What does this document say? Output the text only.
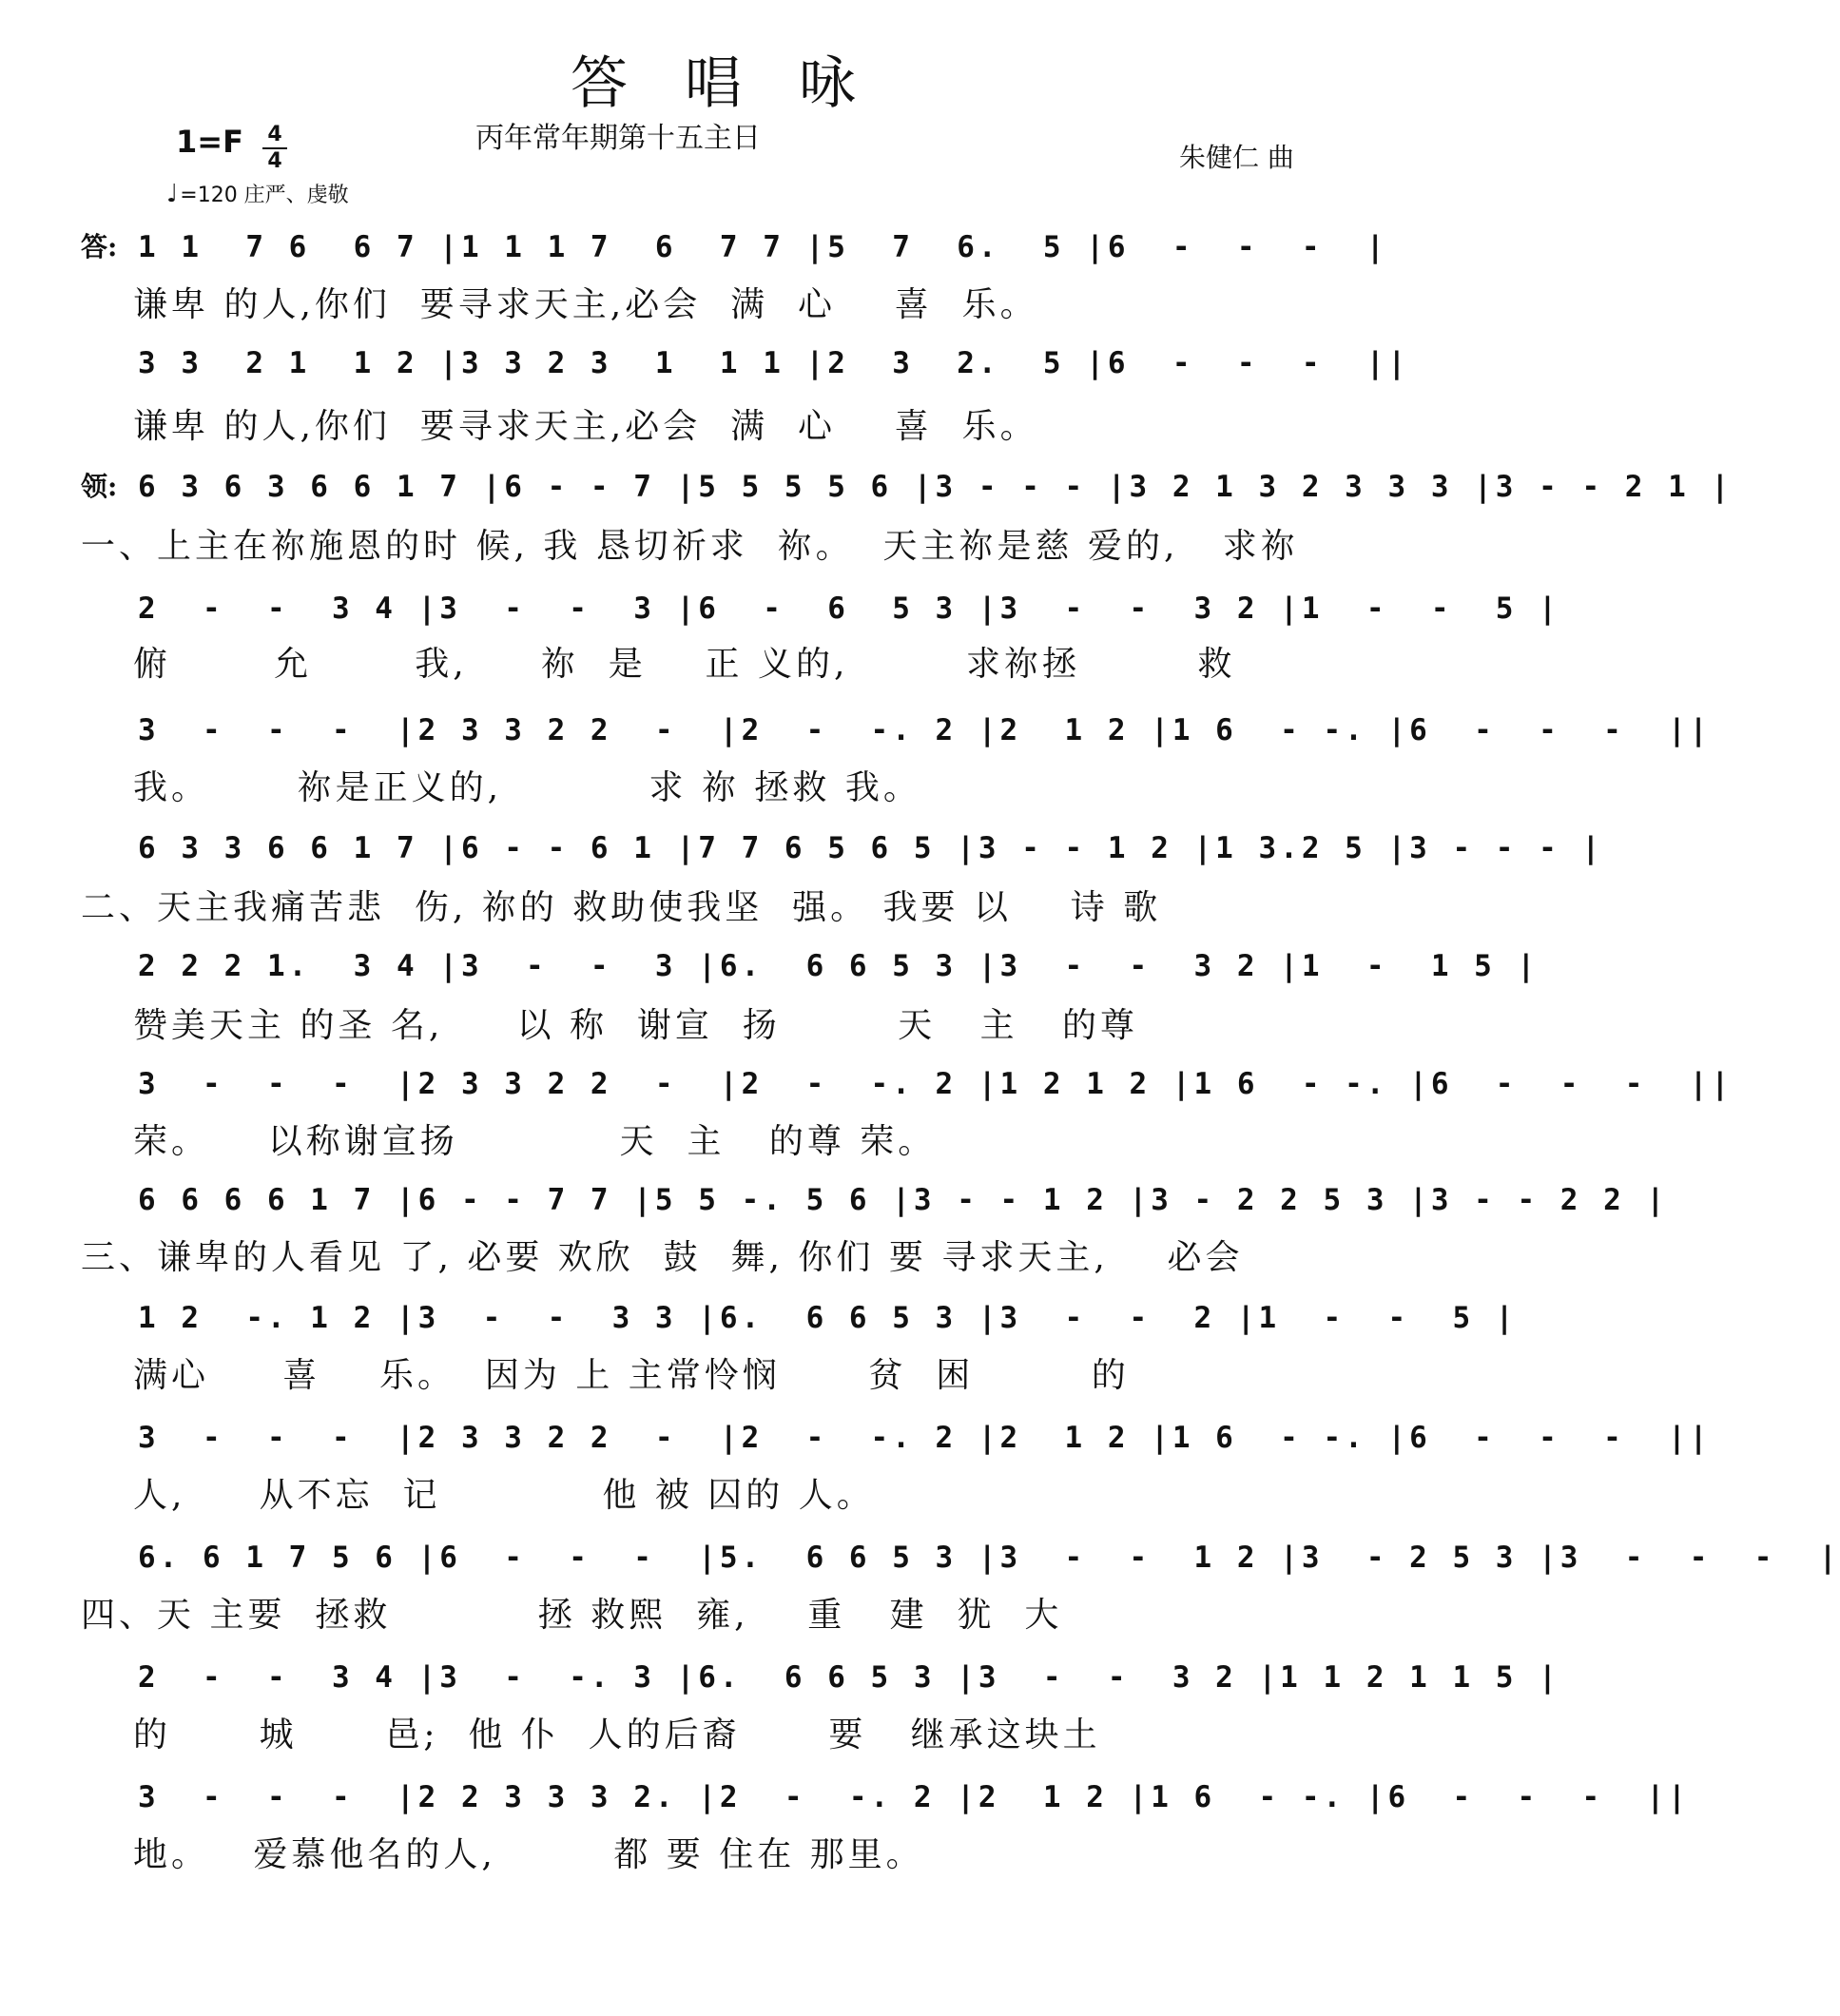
答唱咏
丙年常年期第十五主日
朱健仁 曲
1=F 4
4
♩=120 庄严、虔敬
答: 1 1  7 6  6 7 |1 1 1 7  6  7 7 |5  7  6.  5 |6  -  -  -  |
谦卑 的人,你们  要寻求天主,必会  满  心    喜  乐。
3 3  2 1  1 2 |3 3 2 3  1  1 1 |2  3  2.  5 |6  -  -  -  ||
谦卑 的人,你们  要寻求天主,必会  满  心    喜  乐。
领: 6 3 6 3 6 6 1 7 |6 - - 7 |5 5 5 5 6 |3 - - - |3 2 1 3 2 3 3 3 |3 - - 2 1 |
一、上主在祢施恩的时 候, 我 恳切祈求  祢。  天主祢是慈 爱的,   求祢
2  -  -  3 4 |3  -  -  3 |6  -  6  5 3 |3  -  -  3 2 |1  -  -  5 |
俯       允       我,     祢  是    正 义的,        求祢拯        救
3  -  -  -  |2 3 3 2 2  -  |2  -  -. 2 |2  1 2 |1 6  - -. |6  -  -  -  ||
我。      祢是正义的,          求 祢 拯救 我。
6 3 3 6 6 1 7 |6 - - 6 1 |7 7 6 5 6 5 |3 - - 1 2 |1 3.2 5 |3 - - - |
二、天主我痛苦悲  伤, 祢的 救助使我坚  强。 我要 以    诗 歌
2 2 2 1.  3 4 |3  -  -  3 |6.  6 6 5 3 |3  -  -  3 2 |1  -  1 5 |
赞美天主 的圣 名,     以 称  谢宣  扬        天   主   的尊
3  -  -  -  |2 3 3 2 2  -  |2  -  -. 2 |1 2 1 2 |1 6  - -. |6  -  -  -  ||
荣。    以称谢宣扬           天  主   的尊 荣。
6 6 6 6 1 7 |6 - - 7 7 |5 5 -. 5 6 |3 - - 1 2 |3 - 2 2 5 3 |3 - - 2 2 |
三、谦卑的人看见 了, 必要 欢欣  鼓  舞, 你们 要 寻求天主,    必会
1 2  -. 1 2 |3  -  -  3 3 |6.  6 6 5 3 |3  -  -  2 |1  -  -  5 |
满心     喜    乐。  因为 上 主常怜悯      贫  困        的
3  -  -  -  |2 3 3 2 2  -  |2  -  -. 2 |2  1 2 |1 6  - -. |6  -  -  -  ||
人,     从不忘  记           他 被 囚的 人。
6. 6 1 7 5 6 |6  -  -  -  |5.  6 6 5 3 |3  -  -  1 2 |3  - 2 5 3 |3  -  -  -  |
四、天 主要  拯救          拯 救熙  雍,    重   建  犹  大
2  -  -  3 4 |3  -  -. 3 |6.  6 6 5 3 |3  -  -  3 2 |1 1 2 1 1 5 |
的      城      邑;  他 仆  人的后裔      要   继承这块土
3  -  -  -  |2 2 3 3 3 2. |2  -  -. 2 |2  1 2 |1 6  - -. |6  -  -  -  ||
地。   爱慕他名的人,        都 要 住在 那里。
